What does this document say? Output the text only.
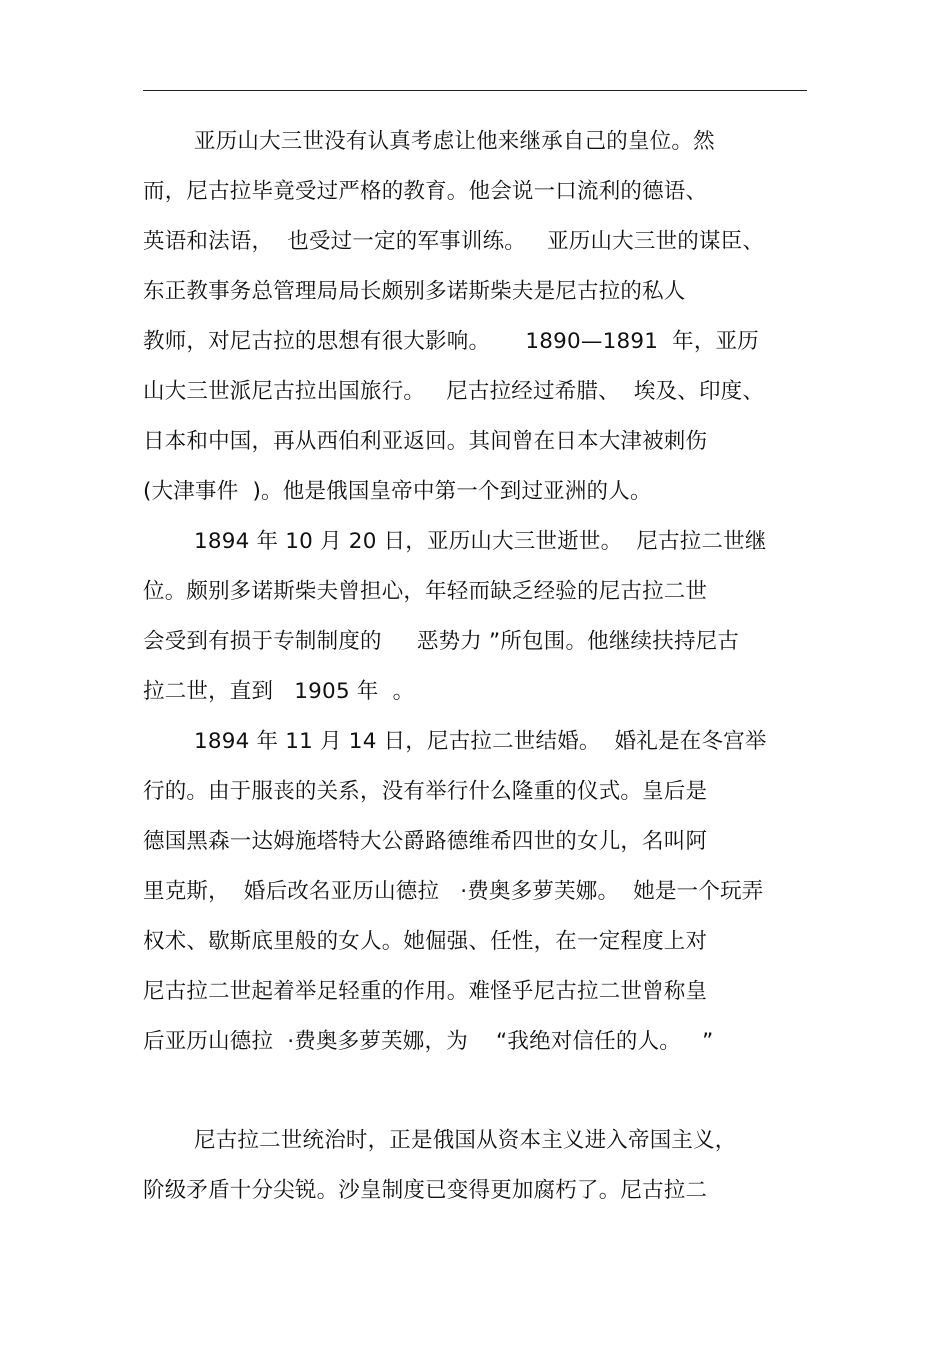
亚历山大三世没有认真考虑让他来继承自己的皇位。然
而，尼古拉毕竟受过严格的教育。他会说一口流利的德语、
英语和法语，  也受过一定的军事训练。   亚历山大三世的谋臣、
东正教事务总管理局局长颇别多诺斯柴夫是尼古拉的私人
教师，对尼古拉的思想有很大影响。     1890—1891  年，亚历
山大三世派尼古拉出国旅行。   尼古拉经过希腊、  埃及、印度、
日本和中国，再从西伯利亚返回。其间曾在日本大津被刺伤
(大津事件  )。他是俄国皇帝中第一个到过亚洲的人。
1894 年 10 月 20 日，亚历山大三世逝世。  尼古拉二世继
位。颇别多诺斯柴夫曾担心，年轻而缺乏经验的尼古拉二世
会受到有损于专制制度的     恶势力 ”所包围。他继续扶持尼古
拉二世，直到   1905 年  。
1894 年 11 月 14 日，尼古拉二世结婚。  婚礼是在冬宫举
行的。由于服丧的关系，没有举行什么隆重的仪式。皇后是
德国黑森一达姆施塔特大公爵路德维希四世的女儿，名叫阿
里克斯，  婚后改名亚历山德拉   ·费奥多萝芙娜。  她是一个玩弄
权术、歇斯底里般的女人。她倔强、任性，在一定程度上对
尼古拉二世起着举足轻重的作用。难怪乎尼古拉二世曾称皇
后亚历山德拉  ·费奥多萝芙娜，为    “我绝对信任的人。   ”
尼古拉二世统治时，正是俄国从资本主义进入帝国主义，
阶级矛盾十分尖锐。沙皇制度已变得更加腐朽了。尼古拉二
